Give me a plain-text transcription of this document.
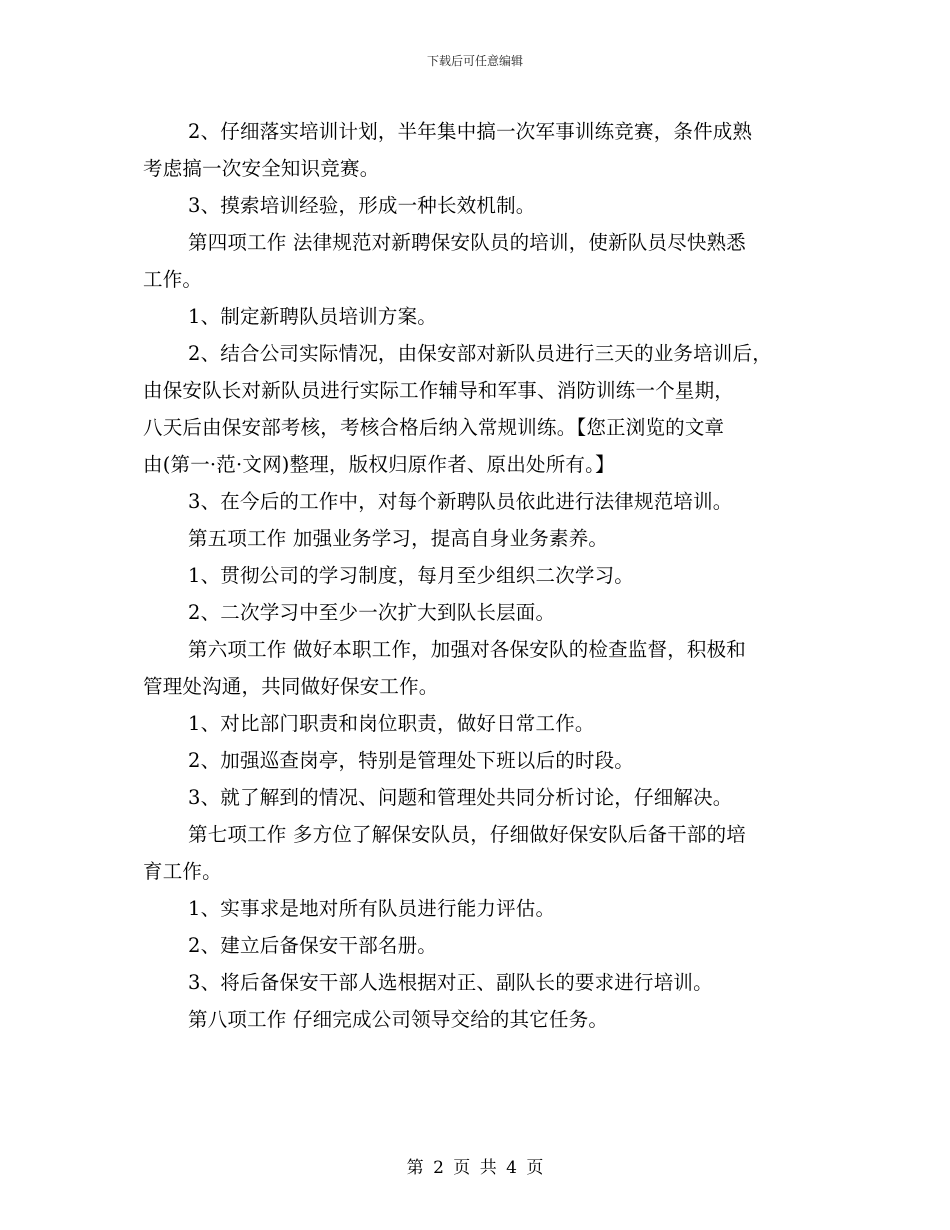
下载后可任意编辑
2、仔细落实培训计划，半年集中搞一次军事训练竞赛，条件成熟
考虑搞一次安全知识竞赛。
3、摸索培训经验，形成一种长效机制。
第四项工作 法律规范对新聘保安队员的培训，使新队员尽快熟悉
工作。
1、制定新聘队员培训方案。
2、结合公司实际情况，由保安部对新队员进行三天的业务培训后，
由保安队长对新队员进行实际工作辅导和军事、消防训练一个星期，
八天后由保安部考核，考核合格后纳入常规训练。【您正浏览的文章
由(第一·范·文网)整理，版权归原作者、原出处所有。】
3、在今后的工作中，对每个新聘队员依此进行法律规范培训。
第五项工作 加强业务学习，提高自身业务素养。
1、贯彻公司的学习制度，每月至少组织二次学习。
2、二次学习中至少一次扩大到队长层面。
第六项工作 做好本职工作，加强对各保安队的检查监督，积极和
管理处沟通，共同做好保安工作。
1、对比部门职责和岗位职责，做好日常工作。
2、加强巡查岗亭，特别是管理处下班以后的时段。
3、就了解到的情况、问题和管理处共同分析讨论，仔细解决。
第七项工作 多方位了解保安队员，仔细做好保安队后备干部的培
育工作。
1、实事求是地对所有队员进行能力评估。
2、建立后备保安干部名册。
3、将后备保安干部人选根据对正、副队长的要求进行培训。
第八项工作 仔细完成公司领导交给的其它任务。
第 2 页 共 4 页
